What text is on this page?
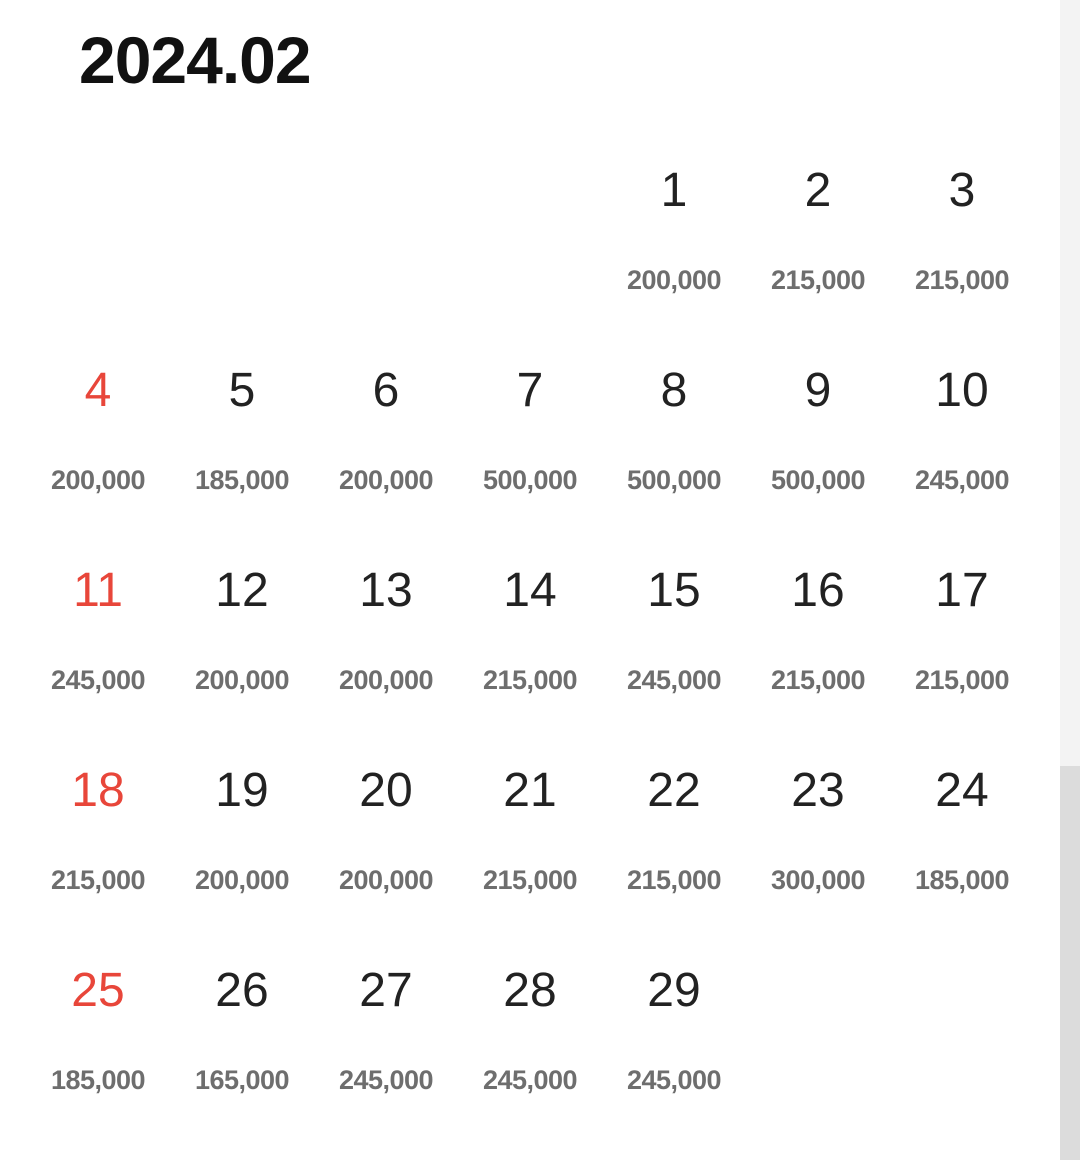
2024.02
1
200,000
2
215,000
3
215,000
4
200,000
5
185,000
6
200,000
7
500,000
8
500,000
9
500,000
10
245,000
11
245,000
12
200,000
13
200,000
14
215,000
15
245,000
16
215,000
17
215,000
18
215,000
19
200,000
20
200,000
21
215,000
22
215,000
23
300,000
24
185,000
25
185,000
26
165,000
27
245,000
28
245,000
29
245,000
